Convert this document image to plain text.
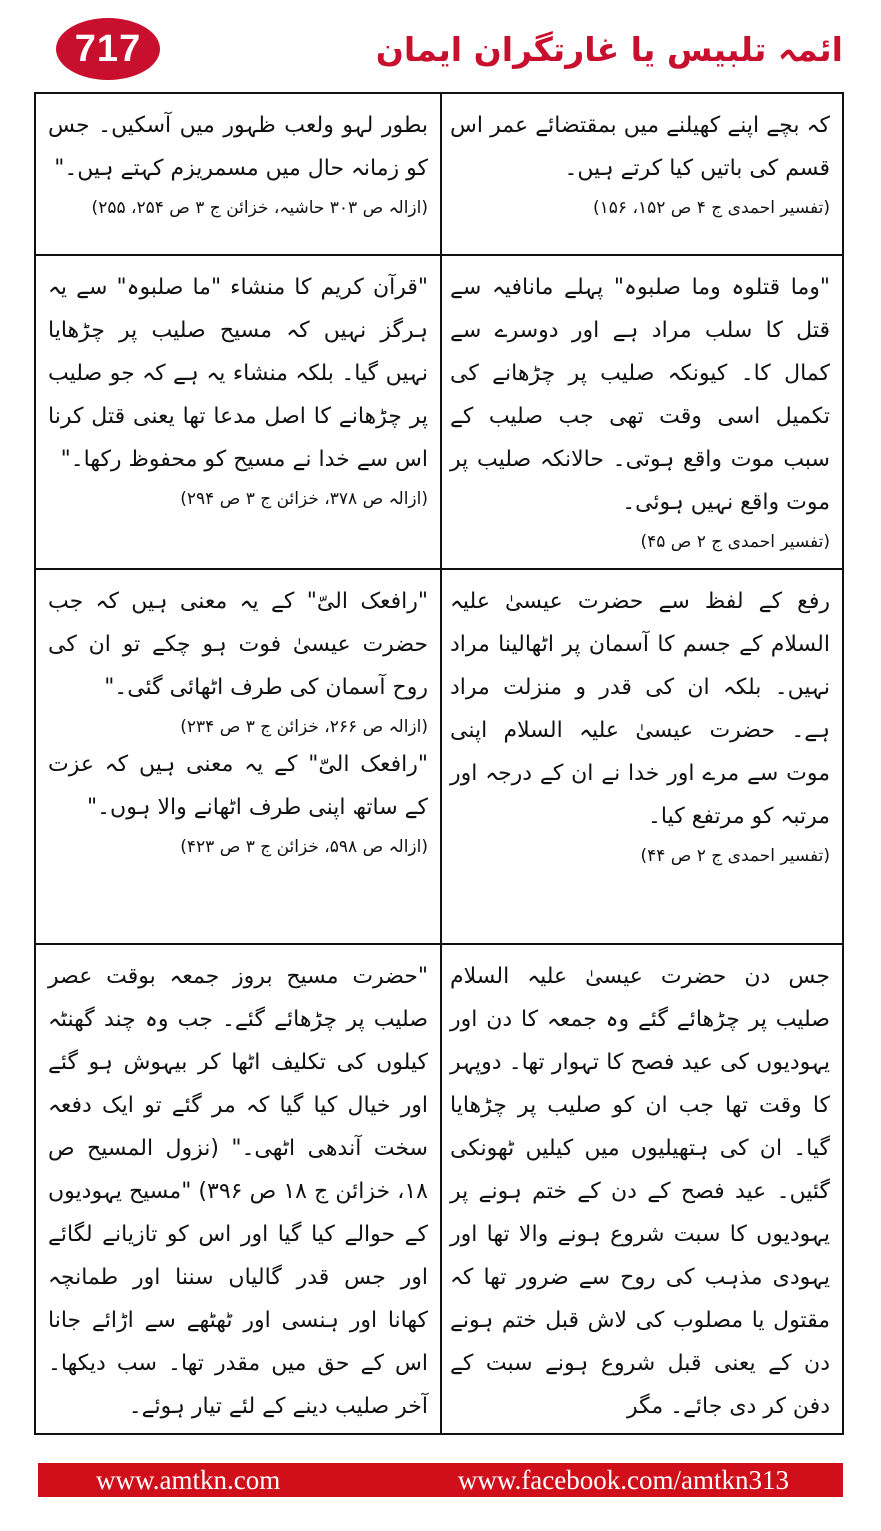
717	ائمہ تلبیس یا غارتگران ایمان
کہ بچے اپنے کھیلنے میں بمقتضائے عمر اس قسم کی باتیں کیا کرتے ہیں۔
(تفسیر احمدی ج ۴ ص ۱۵۲، ۱۵۶)
بطور لہو ولعب ظہور میں آسکیں۔ جس کو زمانہ حال میں مسمریزم کہتے ہیں۔"
(ازالہ ص ۳۰۳ حاشیہ، خزائن ج ۳ ص ۲۵۴، ۲۵۵)
"وما قتلوہ وما صلبوہ" پہلے مانافیہ سے قتل کا سلب مراد ہے اور دوسرے سے کمال کا۔ کیونکہ صلیب پر چڑھانے کی تکمیل اسی وقت تھی جب صلیب کے سبب موت واقع ہوتی۔ حالانکہ صلیب پر موت واقع نہیں ہوئی۔
(تفسیر احمدی ج ۲ ص ۴۵)
"قرآن کریم کا منشاء "ما صلبوہ" سے یہ ہرگز نہیں کہ مسیح صلیب پر چڑھایا نہیں گیا۔ بلکہ منشاء یہ ہے کہ جو صلیب پر چڑھانے کا اصل مدعا تھا یعنی قتل کرنا اس سے خدا نے مسیح کو محفوظ رکھا۔"
(ازالہ ص ۳۷۸، خزائن ج ۳ ص ۲۹۴)
رفع کے لفظ سے حضرت عیسیٰ علیہ السلام کے جسم کا آسمان پر اٹھالینا مراد نہیں۔ بلکہ ان کی قدر و منزلت مراد ہے۔ حضرت عیسیٰ علیہ السلام اپنی موت سے مرے اور خدا نے ان کے درجہ اور مرتبہ کو مرتفع کیا۔
(تفسیر احمدی ج ۲ ص ۴۴)
"رافعک الیّ" کے یہ معنی ہیں کہ جب حضرت عیسیٰ فوت ہو چکے تو ان کی روح آسمان کی طرف اٹھائی گئی۔"
(ازالہ ص ۲۶۶، خزائن ج ۳ ص ۲۳۴)
"رافعک الیّ" کے یہ معنی ہیں کہ عزت کے ساتھ اپنی طرف اٹھانے والا ہوں۔"
(ازالہ ص ۵۹۸، خزائن ج ۳ ص ۴۲۳)
جس دن حضرت عیسیٰ علیہ السلام صلیب پر چڑھائے گئے وہ جمعہ کا دن اور یہودیوں کی عید فصح کا تہوار تھا۔ دوپہر کا وقت تھا جب ان کو صلیب پر چڑھایا گیا۔ ان کی ہتھیلیوں میں کیلیں ٹھونکی گئیں۔ عید فصح کے دن کے ختم ہونے پر یہودیوں کا سبت شروع ہونے والا تھا اور یہودی مذہب کی روح سے ضرور تھا کہ مقتول یا مصلوب کی لاش قبل ختم ہونے دن کے یعنی قبل شروع ہونے سبت کے دفن کر دی جائے۔ مگر
"حضرت مسیح بروز جمعہ بوقت عصر صلیب پر چڑھائے گئے۔ جب وہ چند گھنٹہ کیلوں کی تکلیف اٹھا کر بیہوش ہو گئے اور خیال کیا گیا کہ مر گئے تو ایک دفعہ سخت آندھی اٹھی۔" (نزول المسیح ص ۱۸، خزائن ج ۱۸ ص ۳۹۶) "مسیح یہودیوں کے حوالے کیا گیا اور اس کو تازیانے لگائے اور جس قدر گالیاں سننا اور طمانچہ کھانا اور ہنسی اور ٹھٹھے سے اڑائے جانا اس کے حق میں مقدر تھا۔ سب دیکھا۔ آخر صلیب دینے کے لئے تیار ہوئے۔
www.amtkn.com	www.facebook.com/amtkn313
